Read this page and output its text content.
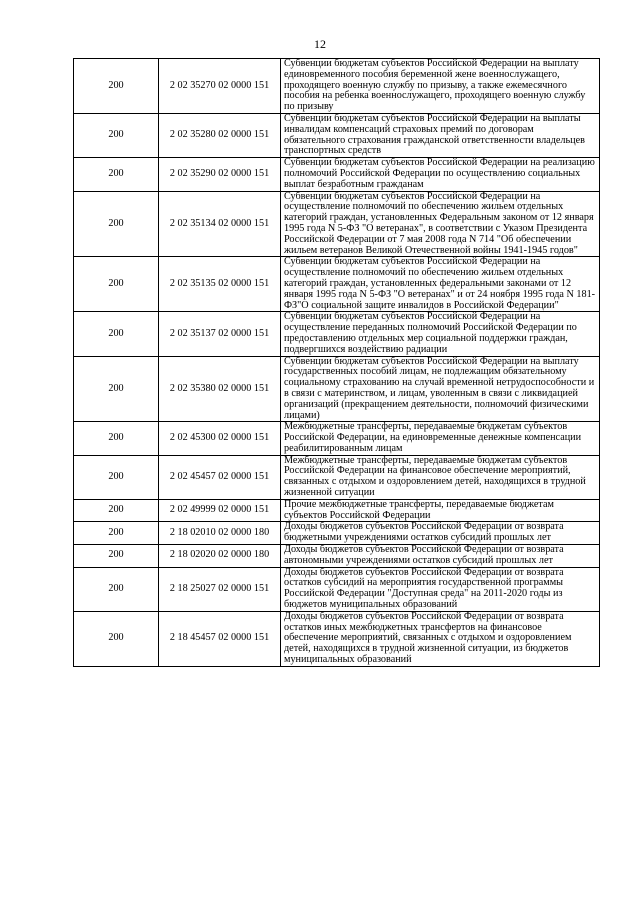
12
200	2 02 35270 02 0000 151	Субвенции бюджетам субъектов Российской Федерации на выплату единовременного пособия беременной жене военнослужащего, проходящего военную службу по призыву, а также ежемесячного пособия на ребенка военнослужащего, проходящего военную службу по призыву
200	2 02 35280 02 0000 151	Субвенции бюджетам субъектов Российской Федерации на выплаты инвалидам компенсаций страховых премий по договорам обязательного страхования гражданской ответственности владельцев транспортных средств
200	2 02 35290 02 0000 151	Субвенции бюджетам субъектов Российской Федерации на реализацию полномочий Российской Федерации по осуществлению социальных выплат безработным гражданам
200	2 02 35134 02 0000 151	Субвенции бюджетам субъектов Российской Федерации на осуществление полномочий по обеспечению жильем отдельных категорий граждан, установленных Федеральным законом от 12 января 1995 года N 5-ФЗ "О ветеранах", в соответствии с Указом Президента Российской Федерации от 7 мая 2008 года N 714 "Об обеспечении жильем ветеранов Великой Отечественной войны 1941-1945 годов"
200	2 02 35135 02 0000 151	Субвенции бюджетам субъектов Российской Федерации на осуществление полномочий по обеспечению жильем отдельных категорий граждан, установленных федеральными законами от 12 января 1995 года N 5-ФЗ "О ветеранах" и от 24 ноября 1995 года N 181-ФЗ"О социальной защите инвалидов в Российской Федерации"
200	2 02 35137 02 0000 151	Субвенции бюджетам субъектов Российской Федерации на осуществление переданных полномочий Российской Федерации по предоставлению отдельных мер социальной поддержки граждан, подвергшихся воздействию радиации
200	2 02 35380 02 0000 151	Субвенции бюджетам субъектов Российской Федерации на выплату государственных пособий лицам, не подлежащим обязательному социальному страхованию на случай временной нетрудоспособности и в связи с материнством, и лицам, уволенным в связи с ликвидацией организаций (прекращением деятельности, полномочий физическими лицами)
200	2 02 45300 02 0000 151	Межбюджетные трансферты, передаваемые бюджетам субъектов Российской Федерации, на единовременные денежные компенсации реабилитированным лицам
200	2 02 45457 02 0000 151	Межбюджетные трансферты, передаваемые бюджетам субъектов Российской Федерации на финансовое обеспечение мероприятий, связанных с отдыхом и оздоровлением детей, находящихся в трудной жизненной ситуации
200	2 02 49999 02 0000 151	Прочие межбюджетные трансферты, передаваемые бюджетам субъектов Российской Федерации
200	2 18 02010 02 0000 180	Доходы бюджетов субъектов Российской Федерации от возврата бюджетными учреждениями остатков субсидий прошлых лет
200	2 18 02020 02 0000 180	Доходы бюджетов субъектов Российской Федерации от возврата автономными учреждениями остатков субсидий прошлых лет
200	2 18 25027 02 0000 151	Доходы бюджетов субъектов Российской Федерации от возврата остатков субсидий на мероприятия государственной программы Российской Федерации "Доступная среда" на 2011-2020 годы из бюджетов муниципальных образований
200	2 18 45457 02 0000 151	Доходы бюджетов субъектов Российской Федерации от возврата остатков иных межбюджетных трансфертов на финансовое обеспечение мероприятий, связанных с отдыхом и оздоровлением детей, находящихся в трудной жизненной ситуации, из бюджетов муниципальных образований
